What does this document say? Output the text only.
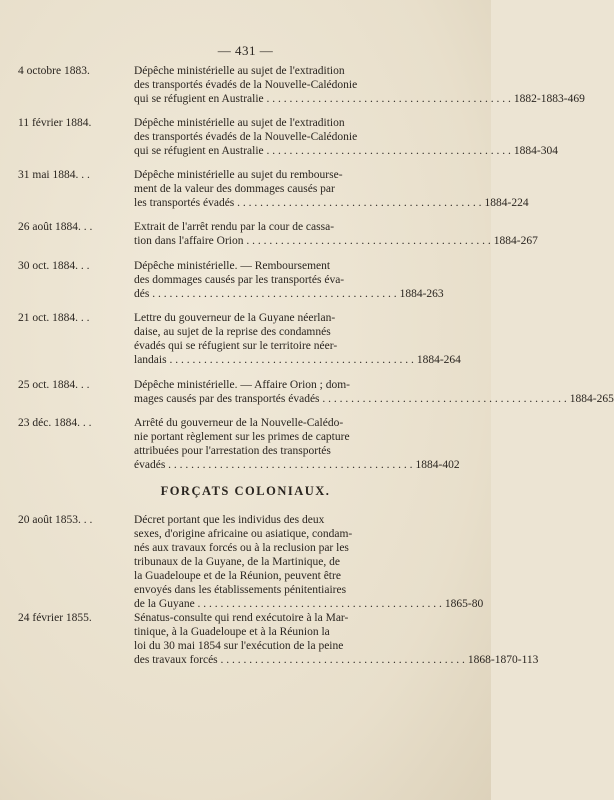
— 431 —
4 octobre 1883.	Dépêche ministérielle au sujet de l'extradition
des transportés évadés de la Nouvelle-Calédonie
qui se réfugient en Australie . . .	1882-1883-469
11 février 1884.	Dépêche ministérielle au sujet de l'extradition
des transportés évadés de la Nouvelle-Calédonie
qui se réfugient en Australie . . .	1884-304
31 mai 1884. . .	Dépêche ministérielle au sujet du rembourse-
ment de la valeur des dommages causés par
les transportés évadés . . .	1884-224
26 août 1884. . .	Extrait de l'arrêt rendu par la cour de cassa-
tion dans l'affaire Orion . . .	1884-267
30 oct. 1884. . .	Dépêche ministérielle. — Remboursement
des dommages causés par les transportés éva-
dés . . .	1884-263
21 oct. 1884. . .	Lettre du gouverneur de la Guyane néerlan-
daise, au sujet de la reprise des condamnés
évadés qui se réfugient sur le territoire néer-
landais . . .	1884-264
25 oct. 1884. . .	Dépêche ministérielle. — Affaire Orion ; dom-
mages causés par des transportés évadés . . .	1884-265
23 déc. 1884. . .	Arrêté du gouverneur de la Nouvelle-Calédo-
nie portant règlement sur les primes de capture
attribuées pour l'arrestation des transportés
évadés . . .	1884-402
FORÇATS COLONIAUX.
20 août 1853. . .	Décret portant que les individus des deux
sexes, d'origine africaine ou asiatique, condam-
nés aux travaux forcés ou à la reclusion par les
tribunaux de la Guyane, de la Martinique, de
la Guadeloupe et de la Réunion, peuvent être
envoyés dans les établissements pénitentiaires
de la Guyane . . .	1865-80
24 février 1855.	Sénatus-consulte qui rend exécutoire à la Mar-
tinique, à la Guadeloupe et à la Réunion la
loi du 30 mai 1854 sur l'exécution de la peine
des travaux forcés . . .	1868-1870-113
